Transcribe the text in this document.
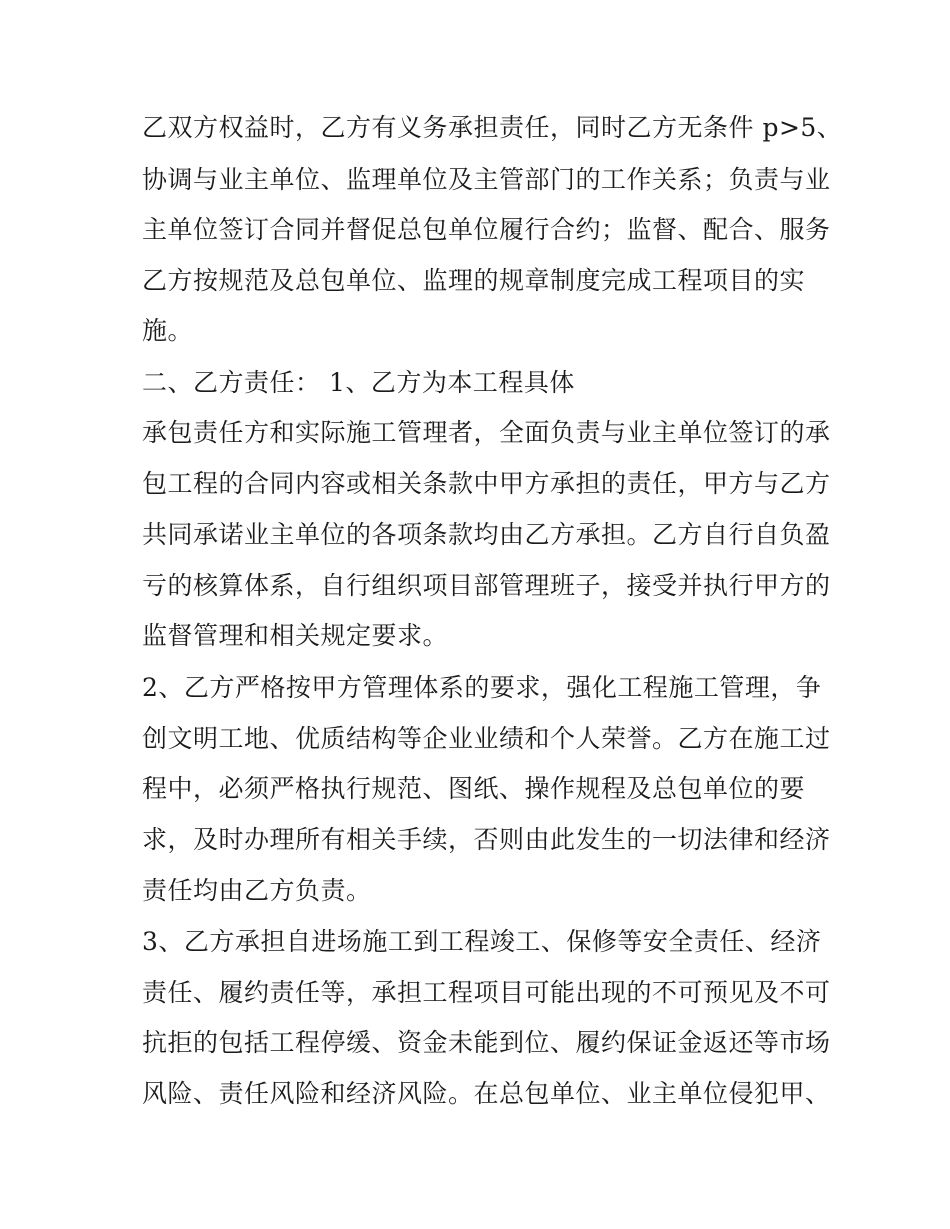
乙双方权益时，乙方有义务承担责任，同时乙方无条件 p>5、
协调与业主单位、监理单位及主管部门的工作关系；负责与业
主单位签订合同并督促总包单位履行合约；监督、配合、服务
乙方按规范及总包单位、监理的规章制度完成工程项目的实
施。
二、乙方责任： 1、乙方为本工程具体
承包责任方和实际施工管理者，全面负责与业主单位签订的承
包工程的合同内容或相关条款中甲方承担的责任，甲方与乙方
共同承诺业主单位的各项条款均由乙方承担。乙方自行自负盈
亏的核算体系，自行组织项目部管理班子，接受并执行甲方的
监督管理和相关规定要求。
2、乙方严格按甲方管理体系的要求，强化工程施工管理，争
创文明工地、优质结构等企业业绩和个人荣誉。乙方在施工过
程中，必须严格执行规范、图纸、操作规程及总包单位的要
求，及时办理所有相关手续，否则由此发生的一切法律和经济
责任均由乙方负责。
3、乙方承担自进场施工到工程竣工、保修等安全责任、经济
责任、履约责任等，承担工程项目可能出现的不可预见及不可
抗拒的包括工程停缓、资金未能到位、履约保证金返还等市场
风险、责任风险和经济风险。在总包单位、业主单位侵犯甲、
